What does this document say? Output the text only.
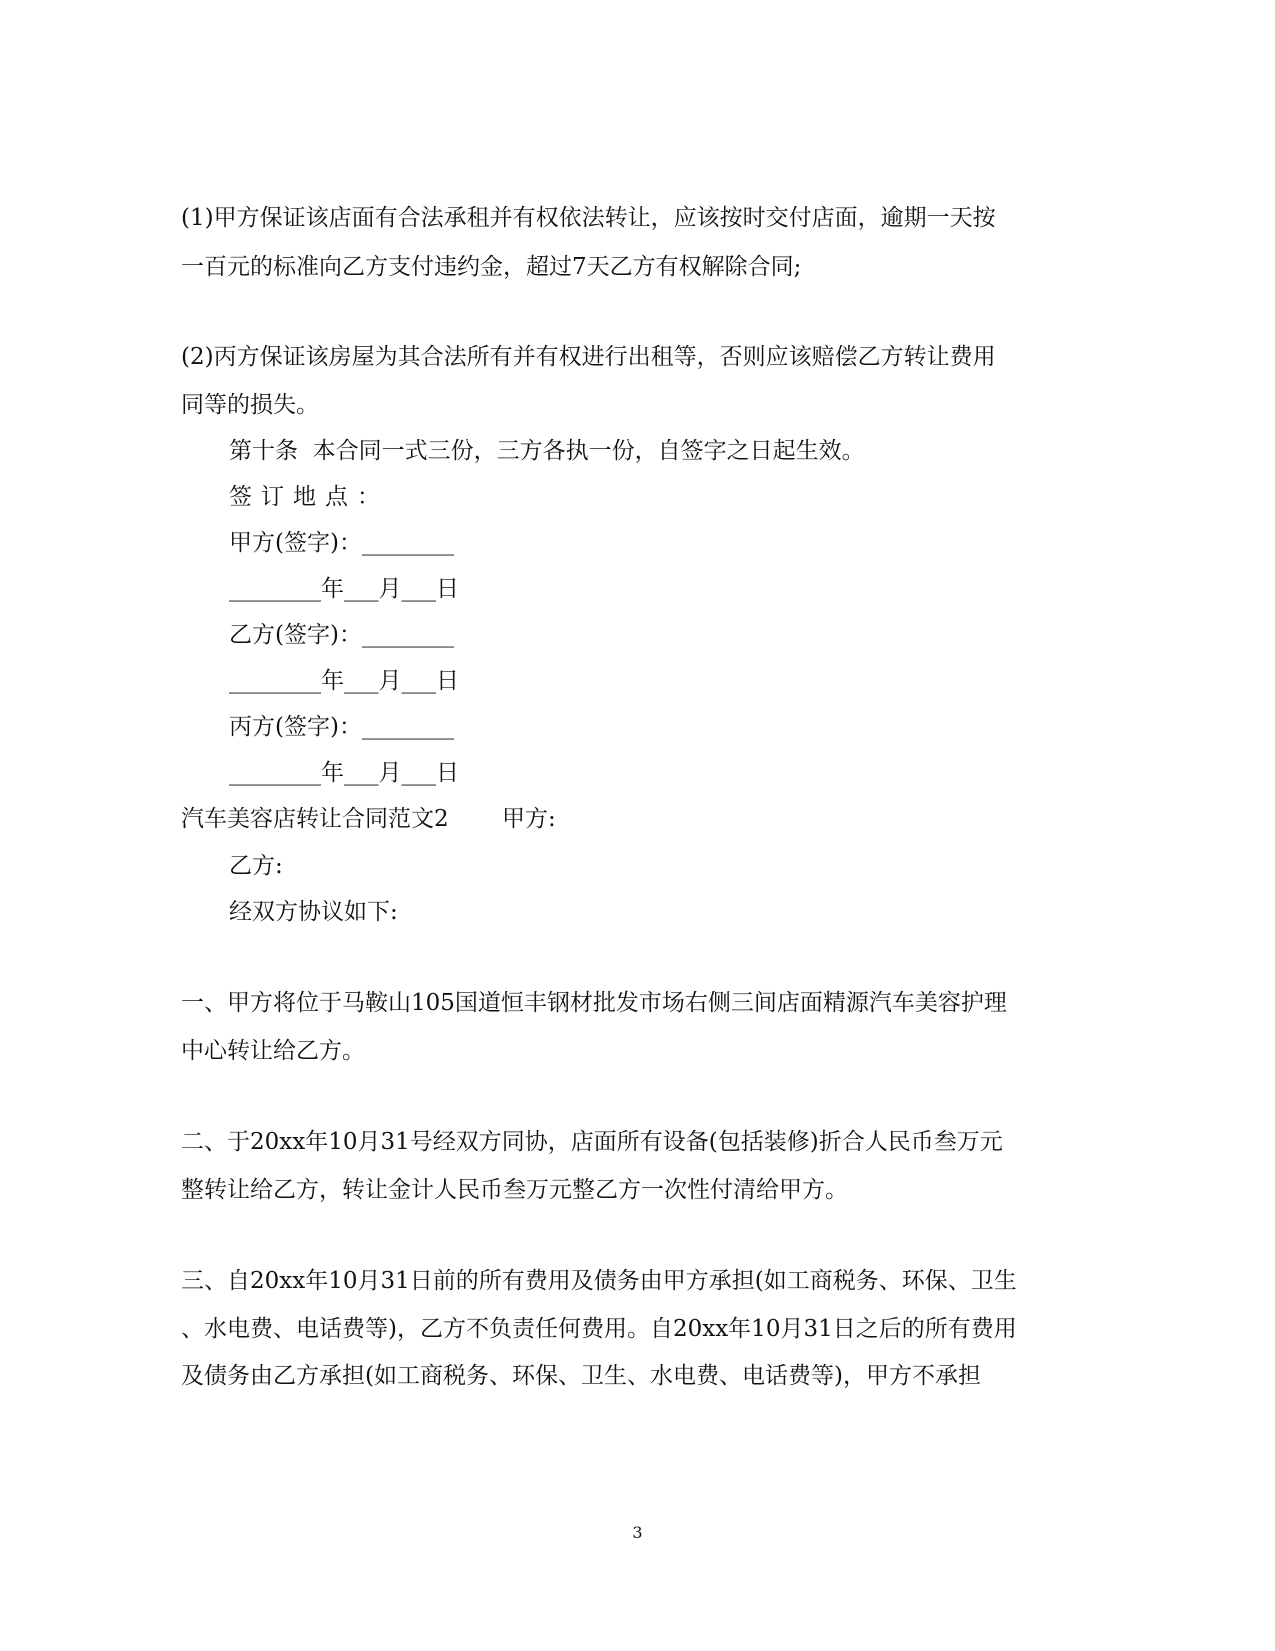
(1)甲方保证该店面有合法承租并有权依法转让，应该按时交付店面，逾期一天按
一百元的标准向乙方支付违约金，超过7天乙方有权解除合同;
(2)丙方保证该房屋为其合法所有并有权进行出租等，否则应该赔偿乙方转让费用
同等的损失。
第十条  本合同一式三份，三方各执一份，自签字之日起生效。
签订地点：
甲方(签字)：________
________年___月___日
乙方(签字)：________
________年___月___日
丙方(签字)：________
________年___月___日
汽车美容店转让合同范文2 甲方:
乙方:
经双方协议如下:
一、甲方将位于马鞍山105国道恒丰钢材批发市场右侧三间店面精源汽车美容护理
中心转让给乙方。
二、于20xx年10月31号经双方同协，店面所有设备(包括装修)折合人民币叁万元
整转让给乙方，转让金计人民币叁万元整乙方一次性付清给甲方。
三、自20xx年10月31日前的所有费用及债务由甲方承担(如工商税务、环保、卫生
、水电费、电话费等)，乙方不负责任何费用。自20xx年10月31日之后的所有费用
及债务由乙方承担(如工商税务、环保、卫生、水电费、电话费等)，甲方不承担
3
